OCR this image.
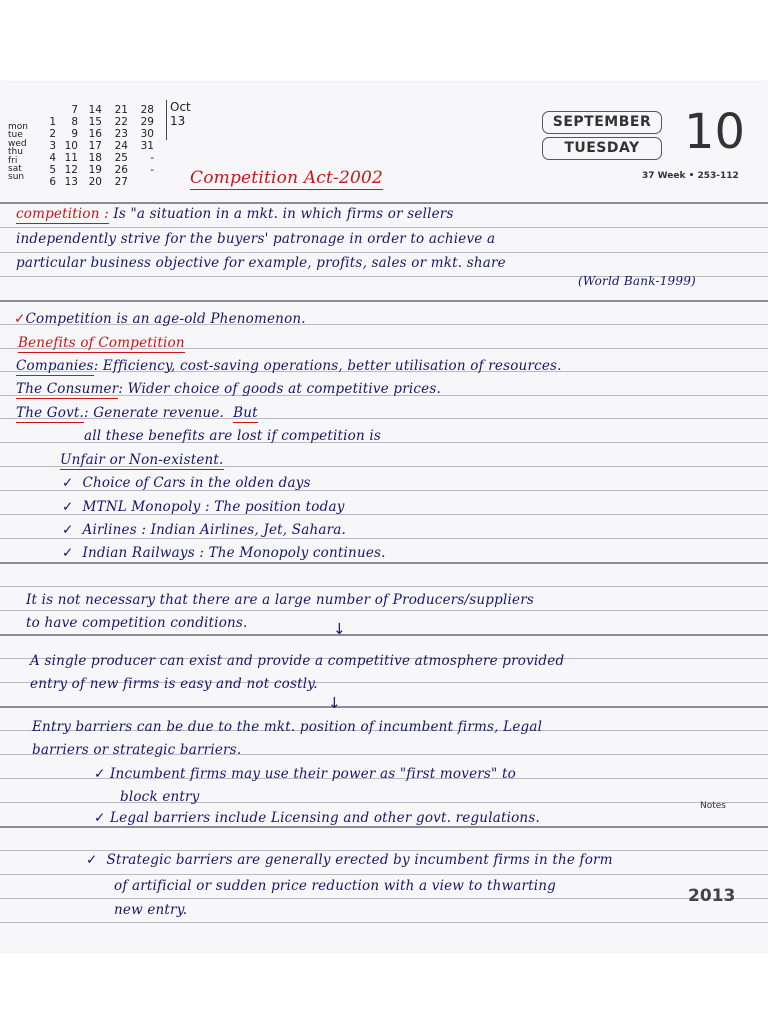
mon
tue
wed
thu
fri
sat
sun
1
2
3
4
5
6
7
8
9
10
11
12
13
14
15
16
17
18
19
20
21
22
23
24
25
26
27
28
29
30
31
-
-
Oct
13	SEPTEMBER
TUESDAY 10
37 Week • 253-112
Competition Act-2002
competition : Is "a situation in a mkt. in which firms or sellers
independently strive for the buyers' patronage in order to achieve a
particular business objective for example, profits, sales or mkt. share
(World Bank-1999)
✓Competition is an age-old Phenomenon.
Benefits of Competition
Companies: Efficiency, cost-saving operations, better utilisation of resources.
The Consumer: Wider choice of goods at competitive prices.
The Govt.: Generate revenue. But
all these benefits are lost if competition is
Unfair or Non-existent.
✓ Choice of Cars in the olden days
✓ MTNL Monopoly : The position today
✓ Airlines : Indian Airlines, Jet, Sahara.
✓ Indian Railways : The Monopoly continues.
It is not necessary that there are a large number of Producers/suppliers
to have competition conditions.	↓
A single producer can exist and provide a competitive atmosphere provided
entry of new firms is easy and not costly.
↓
Entry barriers can be due to the mkt. position of incumbent firms, Legal
barriers or strategic barriers.
✓ Incumbent firms may use their power as "first movers" to
block entry
✓ Legal barriers include Licensing and other govt. regulations.
✓ Strategic barriers are generally erected by incumbent firms in the form
of artificial or sudden price reduction with a view to thwarting
new entry.
Notes
2013
